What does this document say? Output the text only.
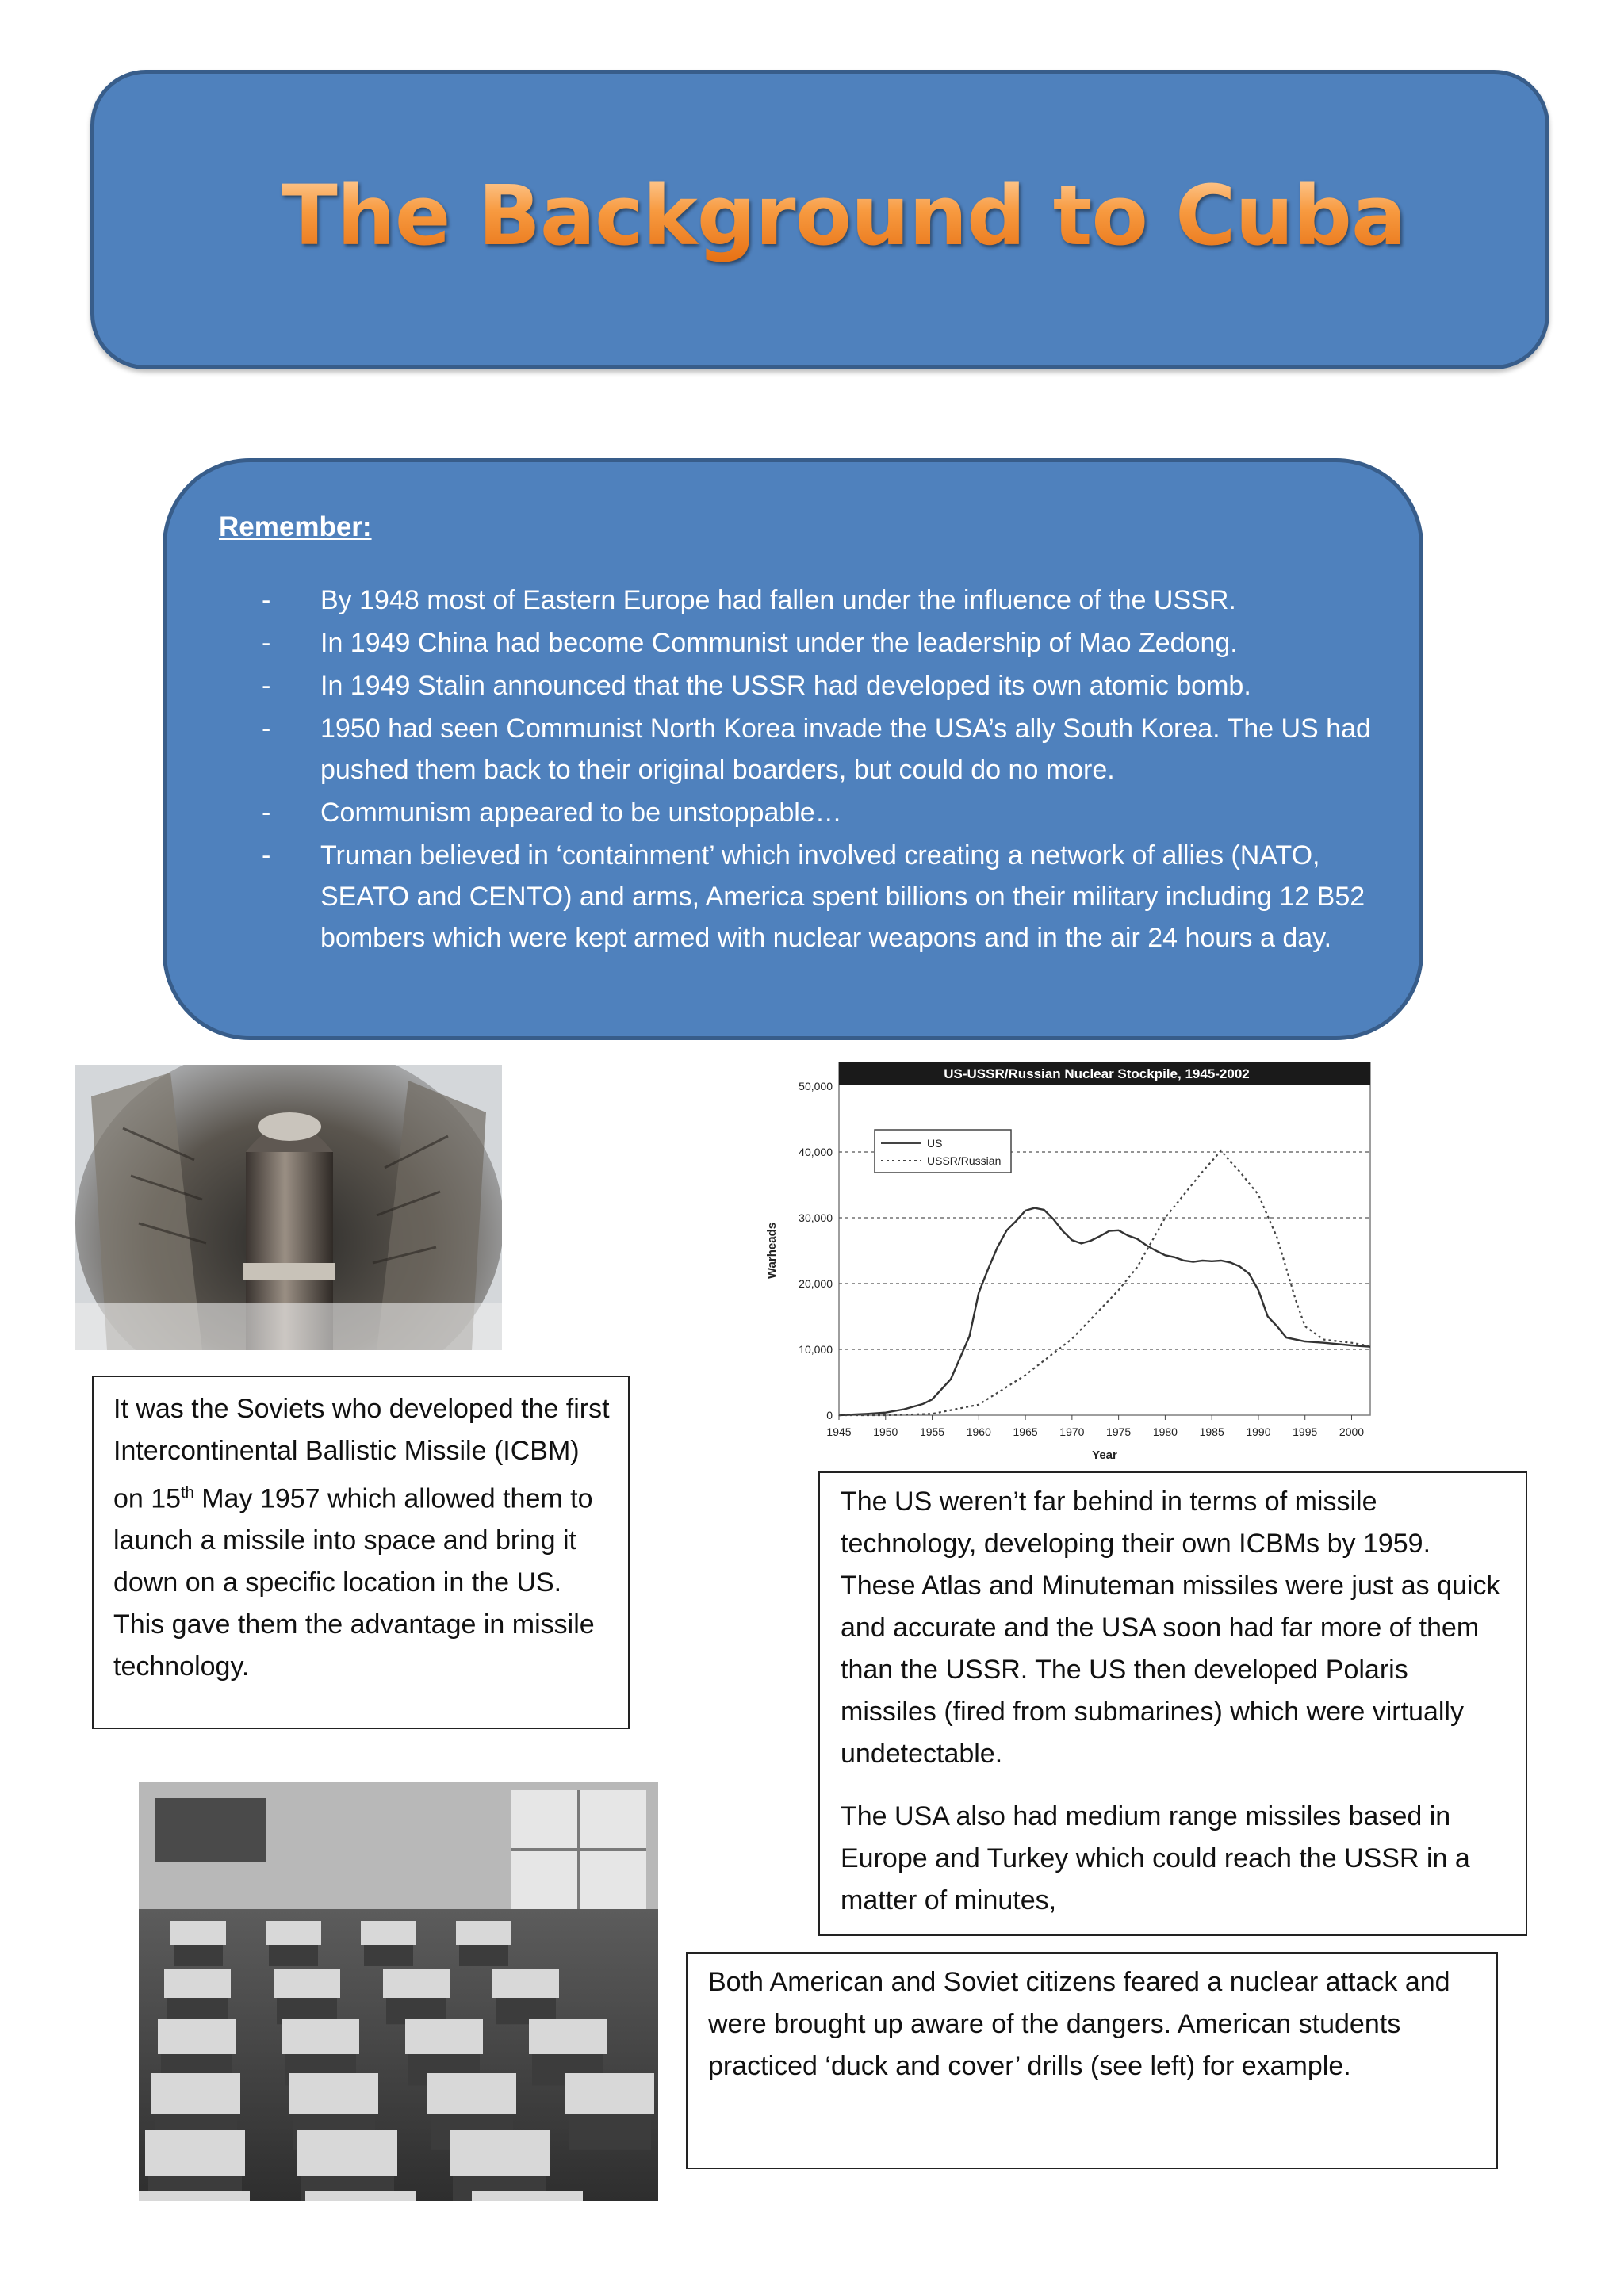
The Background to Cuba
Remember:
- By 1948 most of Eastern Europe had fallen under the influence of the USSR.
- In 1949 China had become Communist under the leadership of Mao Zedong.
- In 1949 Stalin announced that the USSR had developed its own atomic bomb.
- 1950 had seen Communist North Korea invade the USA’s ally South Korea. The US had pushed them back to their original boarders, but could do no more.
- Communism appeared to be unstoppable…
- Truman believed in ‘containment’ which involved creating a network of allies (NATO, SEATO and CENTO) and arms, America spent billions on their military including 12 B52 bombers which were kept armed with nuclear weapons and in the air 24 hours a day.
US-USSR/Russian Nuclear Stockpile, 1945-2002
0
10,000
20,000
30,000
40,000
50,000
1945 1950 1955 1960 1965 1970 1975 1980 1985 1990 1995 2000
Year
Warheads
US
USSR/Russian

It was the Soviets who developed the first Intercontinental Ballistic Missile (ICBM) on 15th May 1957 which allowed them to launch a missile into space and bring it down on a specific location in the US. This gave them the advantage in missile technology.

The US weren’t far behind in terms of missile technology, developing their own ICBMs by 1959. These Atlas and Minuteman missiles were just as quick and accurate and the USA soon had far more of them than the USSR. The US then developed Polaris missiles (fired from submarines) which were virtually undetectable.

The USA also had medium range missiles based in Europe and Turkey which could reach the USSR in a matter of minutes,

Both American and Soviet citizens feared a nuclear attack and were brought up aware of the dangers. American students practiced ‘duck and cover’ drills (see left) for example.
